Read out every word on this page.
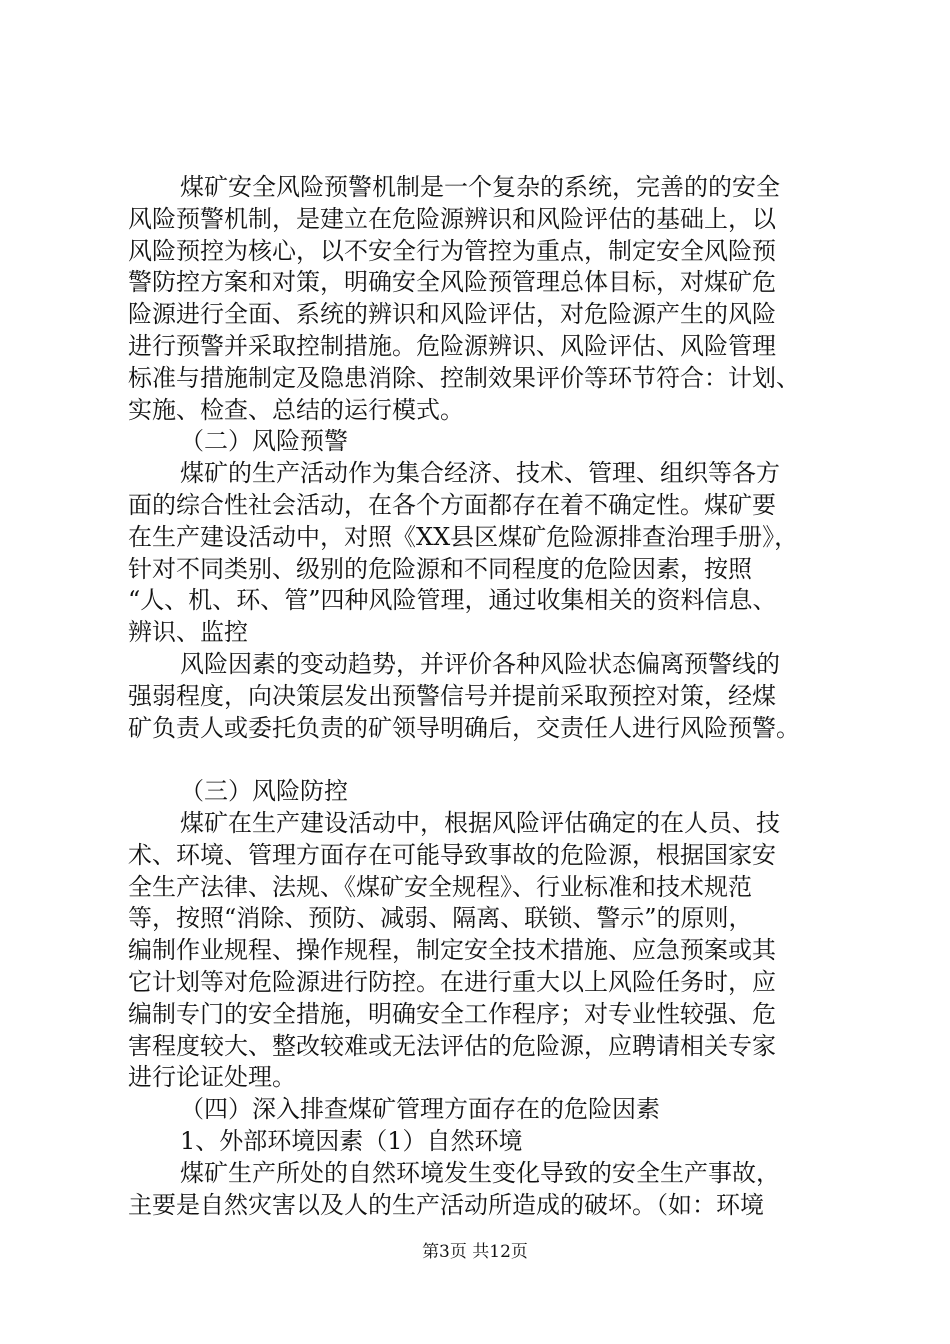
煤矿安全风险预警机制是一个复杂的系统，完善的的安全
风险预警机制，是建立在危险源辨识和风险评估的基础上，以
风险预控为核心，以不安全行为管控为重点，制定安全风险预
警防控方案和对策，明确安全风险预管理总体目标，对煤矿危
险源进行全面、系统的辨识和风险评估，对危险源产生的风险
进行预警并采取控制措施。危险源辨识、风险评估、风险管理
标准与措施制定及隐患消除、控制效果评价等环节符合：计划、
实施、检查、总结的运行模式。
（二）风险预警
煤矿的生产活动作为集合经济、技术、管理、组织等各方
面的综合性社会活动，在各个方面都存在着不确定性。煤矿要
在生产建设活动中，对照《XX县区煤矿危险源排查治理手册》，
针对不同类别、级别的危险源和不同程度的危险因素，按照
“人、机、环、管”四种风险管理，通过收集相关的资料信息、
辨识、监控
风险因素的变动趋势，并评价各种风险状态偏离预警线的
强弱程度，向决策层发出预警信号并提前采取预控对策，经煤
矿负责人或委托负责的矿领导明确后，交责任人进行风险预警。
（三）风险防控
煤矿在生产建设活动中，根据风险评估确定的在人员、技
术、环境、管理方面存在可能导致事故的危险源，根据国家安
全生产法律、法规、《煤矿安全规程》、行业标准和技术规范
等，按照“消除、预防、减弱、隔离、联锁、警示”的原则，
编制作业规程、操作规程，制定安全技术措施、应急预案或其
它计划等对危险源进行防控。在进行重大以上风险任务时，应
编制专门的安全措施，明确安全工作程序；对专业性较强、危
害程度较大、整改较难或无法评估的危险源，应聘请相关专家
进行论证处理。
（四）深入排查煤矿管理方面存在的危险因素
1、外部环境因素（1）自然环境
煤矿生产所处的自然环境发生变化导致的安全生产事故，
主要是自然灾害以及人的生产活动所造成的破坏。（如：环境
第3页 共12页
